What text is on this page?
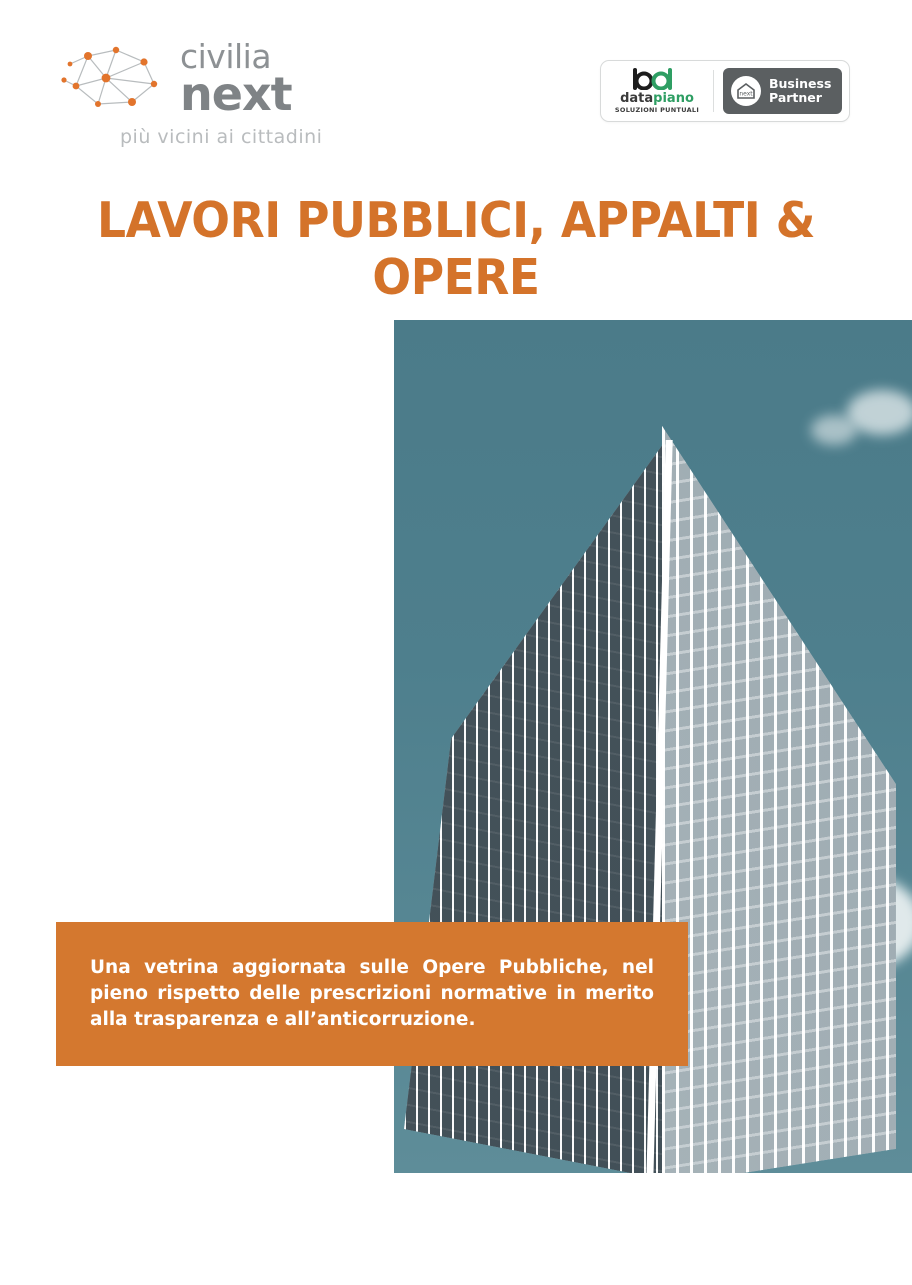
civilia
next
più vicini ai cittadini
datapiano
SOLUZIONI PUNTUALI
next
Business
Partner
LAVORI PUBBLICI, APPALTI & OPERE
Una vetrina aggiornata sulle Opere Pubbliche, nel pieno rispetto delle prescrizioni normative in merito alla trasparenza e all’anticorruzione.
